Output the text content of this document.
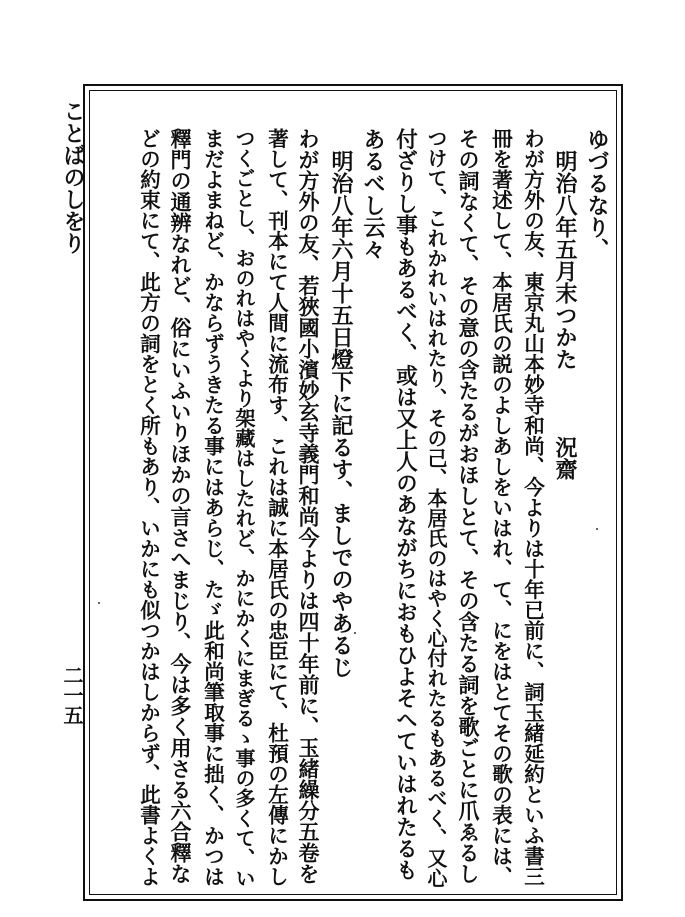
ことばのしをり
二一五
ゆづるなり、
明治八年五月末つかた　　　況齋
わが方外の友、東京丸山本妙寺和尚、今よりは十年已前に、詞玉緒延約といふ書三
冊を著述して、本居氏の説のよしあしをいはれ、て、にをはとてその歌の表には、
その詞なくて、その意の含たるがおほしとて、その含たる詞を歌ごとに爪ゑるし
つけて、これかれいはれたり、その己、本居氏のはやく心付れたるもあるべく、又心
付ざりし事もあるべく、或は又上人のあながちにおもひよそへていはれたるも
あるべし云々
明治八年六月十五日燈下に記るす、ましでのやあるじ
わが方外の友、若狹國小濱妙玄寺義門和尚今よりは四十年前に、玉緒繰分五卷を
著して、刊本にて人間に流布す、これは誠に本居氏の忠臣にて、杜預の左傳にかし
つくごとし、おのれはやくより架藏はしたれど、かにかくにまぎるゝ事の多くて、い
まだよまねど、かならずうきたる事にはあらじ、たゞ此和尚筆取事に拙く、かつは
釋門の通辨なれど、俗にいふいりほかの言さへまじり、今は多く用さる六合釋な
どの約束にて、此方の詞をとく所もあり、いかにも似つかはしからず、此書よくよ
